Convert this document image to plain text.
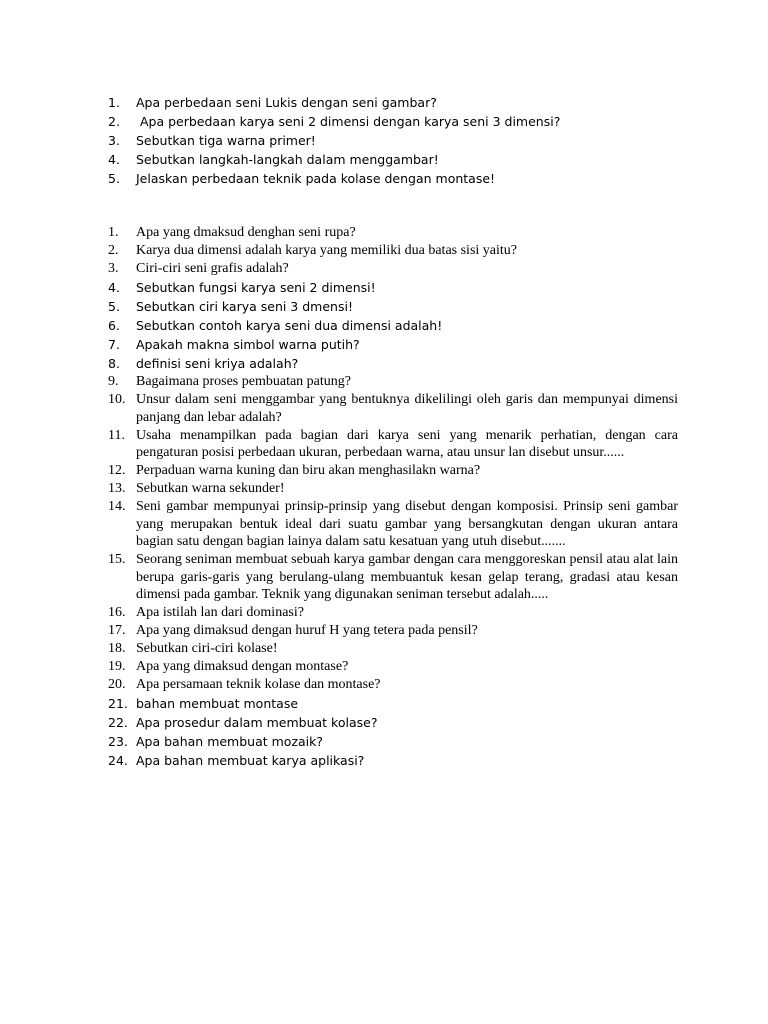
1.	Apa perbedaan seni Lukis dengan seni gambar?
2.	Apa perbedaan karya seni 2 dimensi dengan karya seni 3 dimensi?
3.	Sebutkan tiga warna primer!
4.	Sebutkan langkah-langkah dalam menggambar!
5.	Jelaskan perbedaan teknik pada kolase dengan montase!
1.	Apa yang dmaksud denghan seni rupa?
2.	Karya dua dimensi adalah karya yang memiliki dua batas sisi yaitu?
3.	Ciri-ciri seni grafis adalah?
4.	Sebutkan fungsi karya seni 2 dimensi!
5.	Sebutkan ciri karya seni 3 dmensi!
6.	Sebutkan contoh karya seni dua dimensi adalah!
7.	Apakah makna simbol warna putih?
8.	definisi seni kriya adalah?
9.	Bagaimana proses pembuatan patung?
10. Unsur dalam seni menggambar yang bentuknya dikelilingi oleh garis dan mempunyai dimensi panjang dan lebar adalah?
11. Usaha menampilkan pada bagian dari karya seni yang menarik perhatian, dengan cara pengaturan posisi perbedaan ukuran, perbedaan warna, atau unsur lan disebut unsur......
12. Perpaduan warna kuning dan biru akan menghasilakn warna?
13. Sebutkan warna sekunder!
14. Seni gambar mempunyai prinsip-prinsip yang disebut dengan komposisi. Prinsip seni gambar yang merupakan bentuk ideal dari suatu gambar yang bersangkutan dengan ukuran antara bagian satu dengan bagian lainya dalam satu kesatuan yang utuh disebut.......
15. Seorang seniman membuat sebuah karya gambar dengan cara menggoreskan pensil atau alat lain berupa garis-garis yang berulang-ulang membuantuk kesan gelap terang, gradasi atau kesan dimensi pada gambar. Teknik yang digunakan seniman tersebut adalah.....
16. Apa istilah lan dari dominasi?
17. Apa yang dimaksud dengan huruf H yang tetera pada pensil?
18. Sebutkan ciri-ciri kolase!
19. Apa yang dimaksud dengan montase?
20. Apa persamaan teknik kolase dan montase?
21. bahan membuat montase
22. Apa prosedur dalam membuat kolase?
23. Apa bahan membuat mozaik?
24. Apa bahan membuat karya aplikasi?
